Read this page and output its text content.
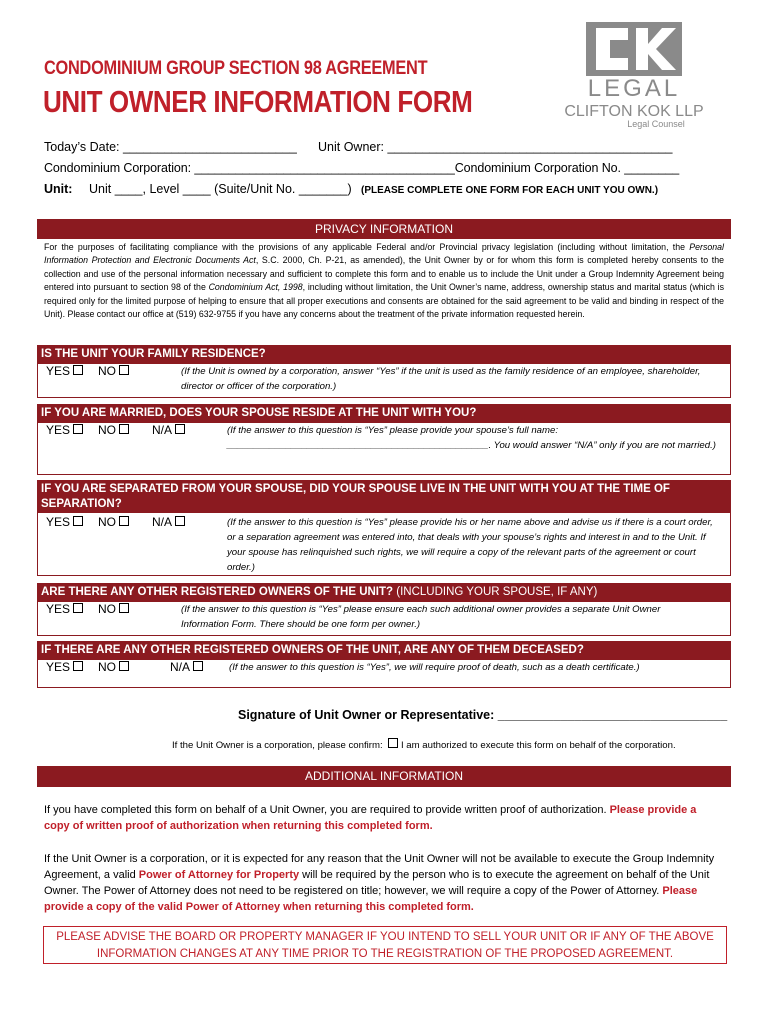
CONDOMINIUM GROUP SECTION 98 AGREEMENT
UNIT OWNER INFORMATION FORM	LEGAL
CLIFTON KOK LLP
Legal Counsel
Today’s Date: _________________________ Unit Owner: _________________________________________
Condominium Corporation: ______________________________________Condominium Corporation No. ________
Unit: Unit ____, Level ____ (Suite/Unit No. _______) (PLEASE COMPLETE ONE FORM FOR EACH UNIT YOU OWN.)
PRIVACY INFORMATION
For the purposes of facilitating compliance with the provisions of any applicable Federal and/or Provincial privacy legislation (including without limitation, the Personal Information Protection and Electronic Documents Act, S.C. 2000, Ch. P-21, as amended), the Unit Owner by or for whom this form is completed hereby consents to the collection and use of the personal information necessary and sufficient to complete this form and to enable us to include the Unit under a Group Indemnity Agreement being entered into pursuant to section 98 of the Condominium Act, 1998, including without limitation, the Unit Owner’s name, address, ownership status and marital status (which is required only for the limited purpose of helping to ensure that all proper executions and consents are obtained for the said agreement to be valid and binding in respect of the Unit). Please contact our office at (519) 632-9755 if you have any concerns about the treatment of the private information requested herein.
IS THE UNIT YOUR FAMILY RESIDENCE?
YES	NO	(If the Unit is owned by a corporation, answer “Yes” if the unit is used as the family residence of an employee, shareholder, director or officer of the corporation.)
IF YOU ARE MARRIED, DOES YOUR SPOUSE RESIDE AT THE UNIT WITH YOU?
YES	NO	N/A	(If the answer to this question is “Yes” please provide your spouse’s full name: _________________________________________________. You would answer “N/A” only if you are not married.)
IF YOU ARE SEPARATED FROM YOUR SPOUSE, DID YOUR SPOUSE LIVE IN THE UNIT WITH YOU AT THE TIME OF SEPARATION?
YES	NO	N/A	(If the answer to this question is “Yes” please provide his or her name above and advise us if there is a court order, or a separation agreement was entered into, that deals with your spouse’s rights and interest in and to the Unit. If your spouse has relinquished such rights, we will require a copy of the relevant parts of the agreement or court order.)
ARE THERE ANY OTHER REGISTERED OWNERS OF THE UNIT? (INCLUDING YOUR SPOUSE, IF ANY)
YES	NO	(If the answer to this question is “Yes” please ensure each such additional owner provides a separate Unit Owner Information Form. There should be one form per owner.)
IF THERE ARE ANY OTHER REGISTERED OWNERS OF THE UNIT, ARE ANY OF THEM DECEASED?
YES	NO	N/A	(If the answer to this question is “Yes”, we will require proof of death, such as a death certificate.)
Signature of Unit Owner or Representative: _________________________________
If the Unit Owner is a corporation, please confirm:  I am authorized to execute this form on behalf of the corporation.
ADDITIONAL INFORMATION
If you have completed this form on behalf of a Unit Owner, you are required to provide written proof of authorization. Please provide a copy of written proof of authorization when returning this completed form.
If the Unit Owner is a corporation, or it is expected for any reason that the Unit Owner will not be available to execute the Group Indemnity Agreement, a valid Power of Attorney for Property will be required by the person who is to execute the agreement on behalf of the Unit Owner. The Power of Attorney does not need to be registered on title; however, we will require a copy of the Power of Attorney. Please provide a copy of the valid Power of Attorney when returning this completed form.
PLEASE ADVISE THE BOARD OR PROPERTY MANAGER IF YOU INTEND TO SELL YOUR UNIT OR IF ANY OF THE ABOVE INFORMATION CHANGES AT ANY TIME PRIOR TO THE REGISTRATION OF THE PROPOSED AGREEMENT.
